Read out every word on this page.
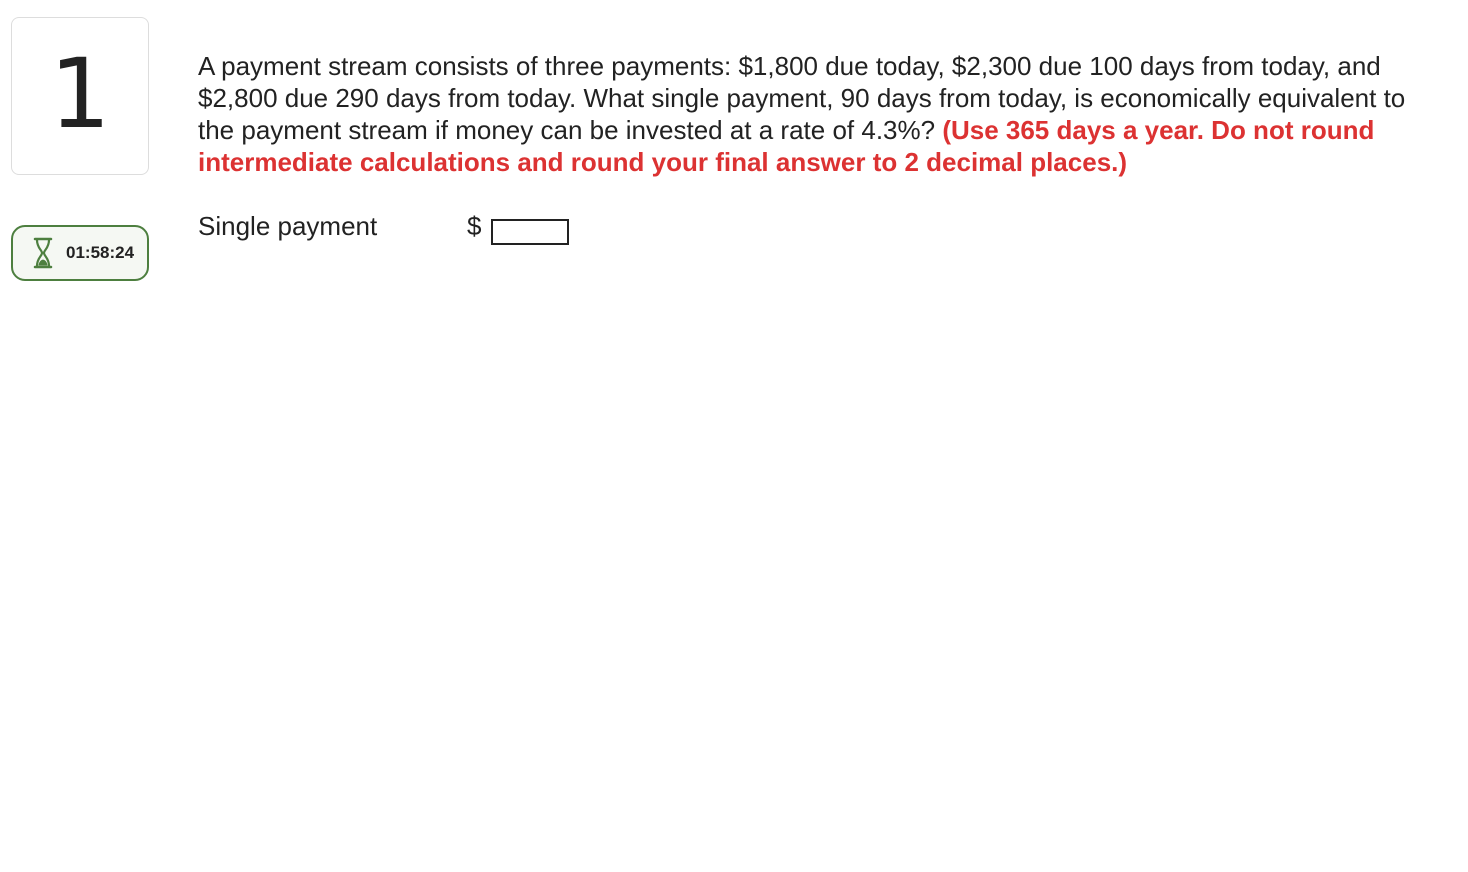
1
01:58:24
A payment stream consists of three payments: $1,800 due today, $2,300 due 100 days from today, and $2,800 due 290 days from today. What single payment, 90 days from today, is economically equivalent to the payment stream if money can be invested at a rate of 4.3%? (Use 365 days a year. Do not round intermediate calculations and round your final answer to 2 decimal places.)
Single payment	$
